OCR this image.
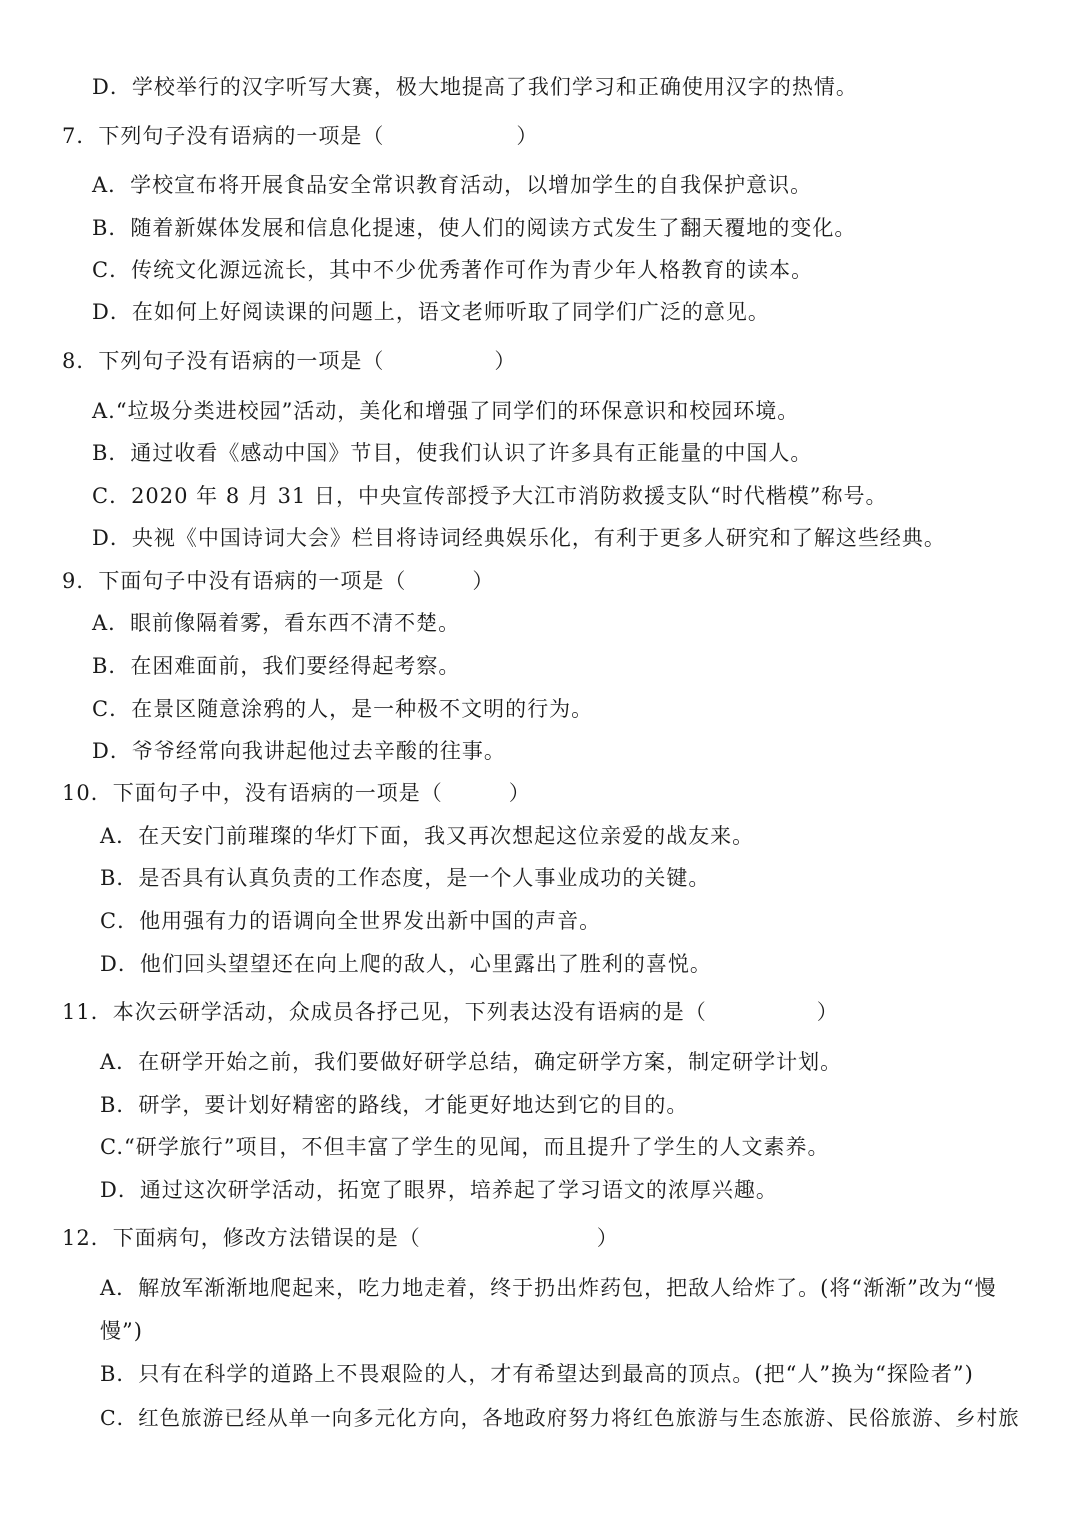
D．学校举行的汉字听写大赛，极大地提高了我们学习和正确使用汉字的热情。
7．下列句子没有语病的一项是（　　　　　　）
A．学校宣布将开展食品安全常识教育活动，以增加学生的自我保护意识。
B．随着新媒体发展和信息化提速，使人们的阅读方式发生了翻天覆地的变化。
C．传统文化源远流长，其中不少优秀著作可作为青少年人格教育的读本。
D．在如何上好阅读课的问题上，语文老师听取了同学们广泛的意见。
8．下列句子没有语病的一项是（　　　　　）
A.“垃圾分类进校园”活动，美化和增强了同学们的环保意识和校园环境。
B．通过收看《感动中国》节目，使我们认识了许多具有正能量的中国人。
C．2020 年 8 月 31 日，中央宣传部授予大江市消防救援支队“时代楷模”称号。
D．央视《中国诗词大会》栏目将诗词经典娱乐化，有利于更多人研究和了解这些经典。
9．下面句子中没有语病的一项是（　　　）
A．眼前像隔着雾，看东西不清不楚。
B．在困难面前，我们要经得起考察。
C．在景区随意涂鸦的人，是一种极不文明的行为。
D．爷爷经常向我讲起他过去辛酸的往事。
10．下面句子中，没有语病的一项是（　　　）
A．在天安门前璀璨的华灯下面，我又再次想起这位亲爱的战友来。
B．是否具有认真负责的工作态度，是一个人事业成功的关键。
C．他用强有力的语调向全世界发出新中国的声音。
D．他们回头望望还在向上爬的敌人，心里露出了胜利的喜悦。
11．本次云研学活动，众成员各抒己见，下列表达没有语病的是（　　　　　）
A．在研学开始之前，我们要做好研学总结，确定研学方案，制定研学计划。
B．研学，要计划好精密的路线，才能更好地达到它的目的。
C.“研学旅行”项目，不但丰富了学生的见闻，而且提升了学生的人文素养。
D．通过这次研学活动，拓宽了眼界，培养起了学习语文的浓厚兴趣。
12．下面病句，修改方法错误的是（　　　　　　　　）
A．解放军渐渐地爬起来，吃力地走着，终于扔出炸药包，把敌人给炸了。(将“渐渐”改为“慢
慢”)
B．只有在科学的道路上不畏艰险的人，才有希望达到最高的顶点。(把“人”换为“探险者”)
C．红色旅游已经从单一向多元化方向，各地政府努力将红色旅游与生态旅游、民俗旅游、乡村旅
